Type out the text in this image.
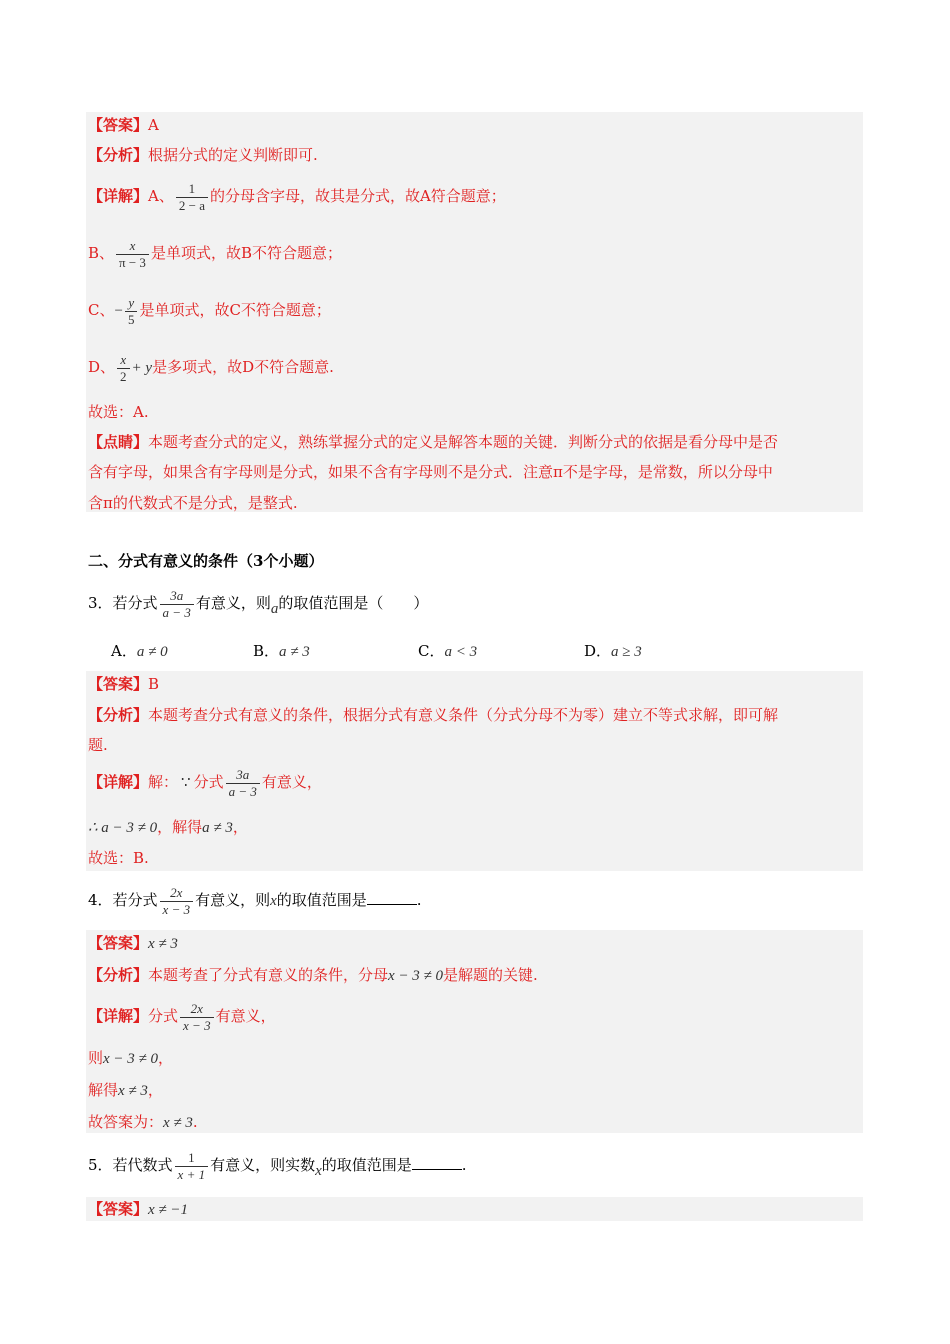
【答案】A
【分析】根据分式的定义判断即可.
【详解】A、 $\frac{1}{2 - a}$ 的分母含字母，故其是分式，故A符合题意；
B、 $\frac{x}{\pi - 3}$ 是单项式，故B不符合题意；
C、− $\frac{y}{5}$ 是单项式，故C不符合题意；
D、 $\frac{x}{2} + y$是多项式，故D不符合题意.
故选：A.
【点睛】本题考查分式的定义，熟练掌握分式的定义是解答本题的关键．判断分式的依据是看分母中是否
含有字母，如果含有字母则是分式，如果不含有字母则不是分式．注意π不是字母，是常数，所以分母中
含π的代数式不是分式，是整式.
二、分式有意义的条件（3个小题）
3．若分式 $\frac{3a}{a - 3}$ 有意义，则a的取值范围是（　　）
A．a ≠ 0	B．a ≠ 3	C．a < 3	D．a ≥ 3
【答案】B
【分析】本题考查分式有意义的条件，根据分式有意义条件（分式分母不为零）建立不等式求解，即可解
题.
【详解】解： ∵ 分式 $\frac{3a}{a - 3}$ 有意义，
∴ a − 3 ≠ 0，解得a ≠ 3，
故选：B.
4．若分式 $\frac{2x}{x - 3}$ 有意义，则x的取值范围是	.
【答案】x ≠ 3
【分析】本题考查了分式有意义的条件，分母x − 3 ≠ 0是解题的关键.
【详解】分式 $\frac{2x}{x - 3}$ 有意义，
则x − 3 ≠ 0，
解得x ≠ 3，
故答案为：x ≠ 3.
5．若代数式 $\frac{1}{x + 1}$ 有意义，则实数x的取值范围是	.
【答案】x ≠ −1
